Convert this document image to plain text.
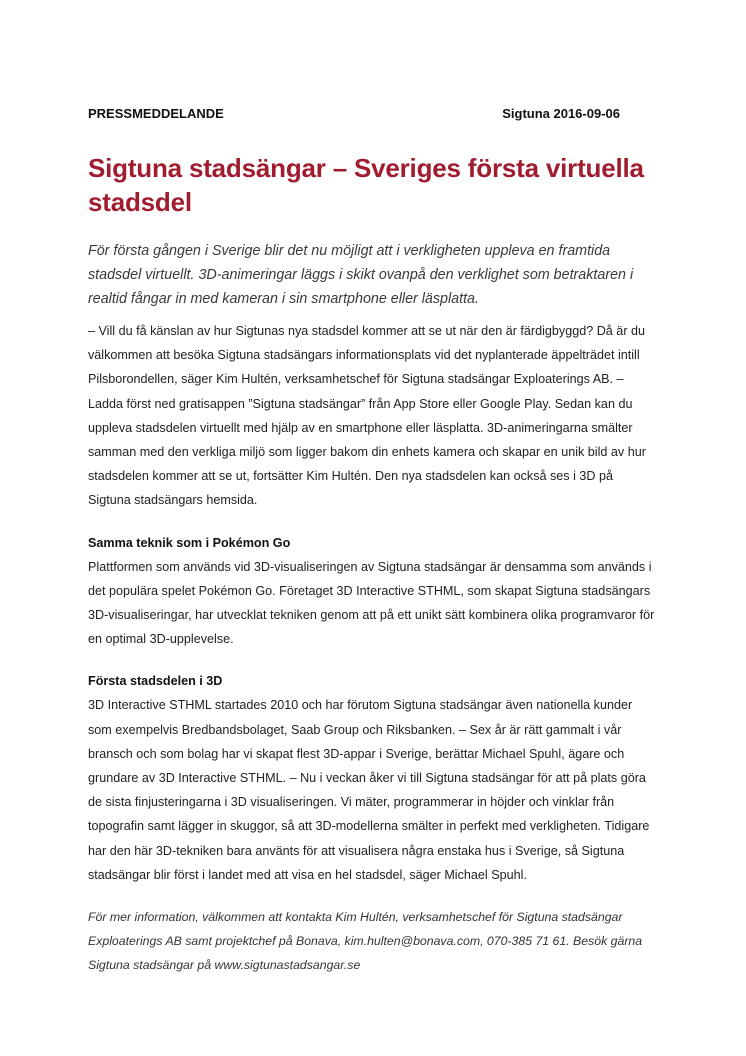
PRESSMEDDELANDE	Sigtuna 2016-09-06
Sigtuna stadsängar – Sveriges första virtuella stadsdel

För första gången i Sverige blir det nu möjligt att i verkligheten uppleva en framtida stadsdel virtuellt. 3D-animeringar läggs i skikt ovanpå den verklighet som betraktaren i realtid fångar in med kameran i sin smartphone eller läsplatta.

– Vill du få känslan av hur Sigtunas nya stadsdel kommer att se ut när den är färdigbyggd? Då är du välkommen att besöka Sigtuna stadsängars informationsplats vid det nyplanterade äppelträdet intill Pilsborondellen, säger Kim Hultén, verksamhetschef för Sigtuna stadsängar Exploaterings AB. – Ladda först ned gratisappen ”Sigtuna stadsängar” från App Store eller Google Play. Sedan kan du uppleva stadsdelen virtuellt med hjälp av en smartphone eller läsplatta. 3D-animeringarna smälter samman med den verkliga miljö som ligger bakom din enhets kamera och skapar en unik bild av hur stadsdelen kommer att se ut, fortsätter Kim Hultén. Den nya stadsdelen kan också ses i 3D på Sigtuna stadsängars hemsida.

Samma teknik som i Pokémon Go

Plattformen som används vid 3D-visualiseringen av Sigtuna stadsängar är densamma som används i det populära spelet Pokémon Go. Företaget 3D Interactive STHML, som skapat Sigtuna stadsängars 3D-visualiseringar, har utvecklat tekniken genom att på ett unikt sätt kombinera olika programvaror för en optimal 3D-upplevelse.

Första stadsdelen i 3D

3D Interactive STHML startades 2010 och har förutom Sigtuna stadsängar även nationella kunder som exempelvis Bredbandsbolaget, Saab Group och Riksbanken. – Sex år är rätt gammalt i vår bransch och som bolag har vi skapat flest 3D-appar i Sverige, berättar Michael Spuhl, ägare och grundare av 3D Interactive STHML. – Nu i veckan åker vi till Sigtuna stadsängar för att på plats göra de sista finjusteringarna i 3D visualiseringen. Vi mäter, programmerar in höjder och vinklar från topografin samt lägger in skuggor, så att 3D-modellerna smälter in perfekt med verkligheten. Tidigare har den här 3D-tekniken bara använts för att visualisera några enstaka hus i Sverige, så Sigtuna stadsängar blir först i landet med att visa en hel stadsdel, säger Michael Spuhl.

För mer information, välkommen att kontakta Kim Hultén, verksamhetschef för Sigtuna stadsängar Exploaterings AB samt projektchef på Bonava, kim.hulten@bonava.com, 070-385 71 61. Besök gärna Sigtuna stadsängar på www.sigtunastadsangar.se
